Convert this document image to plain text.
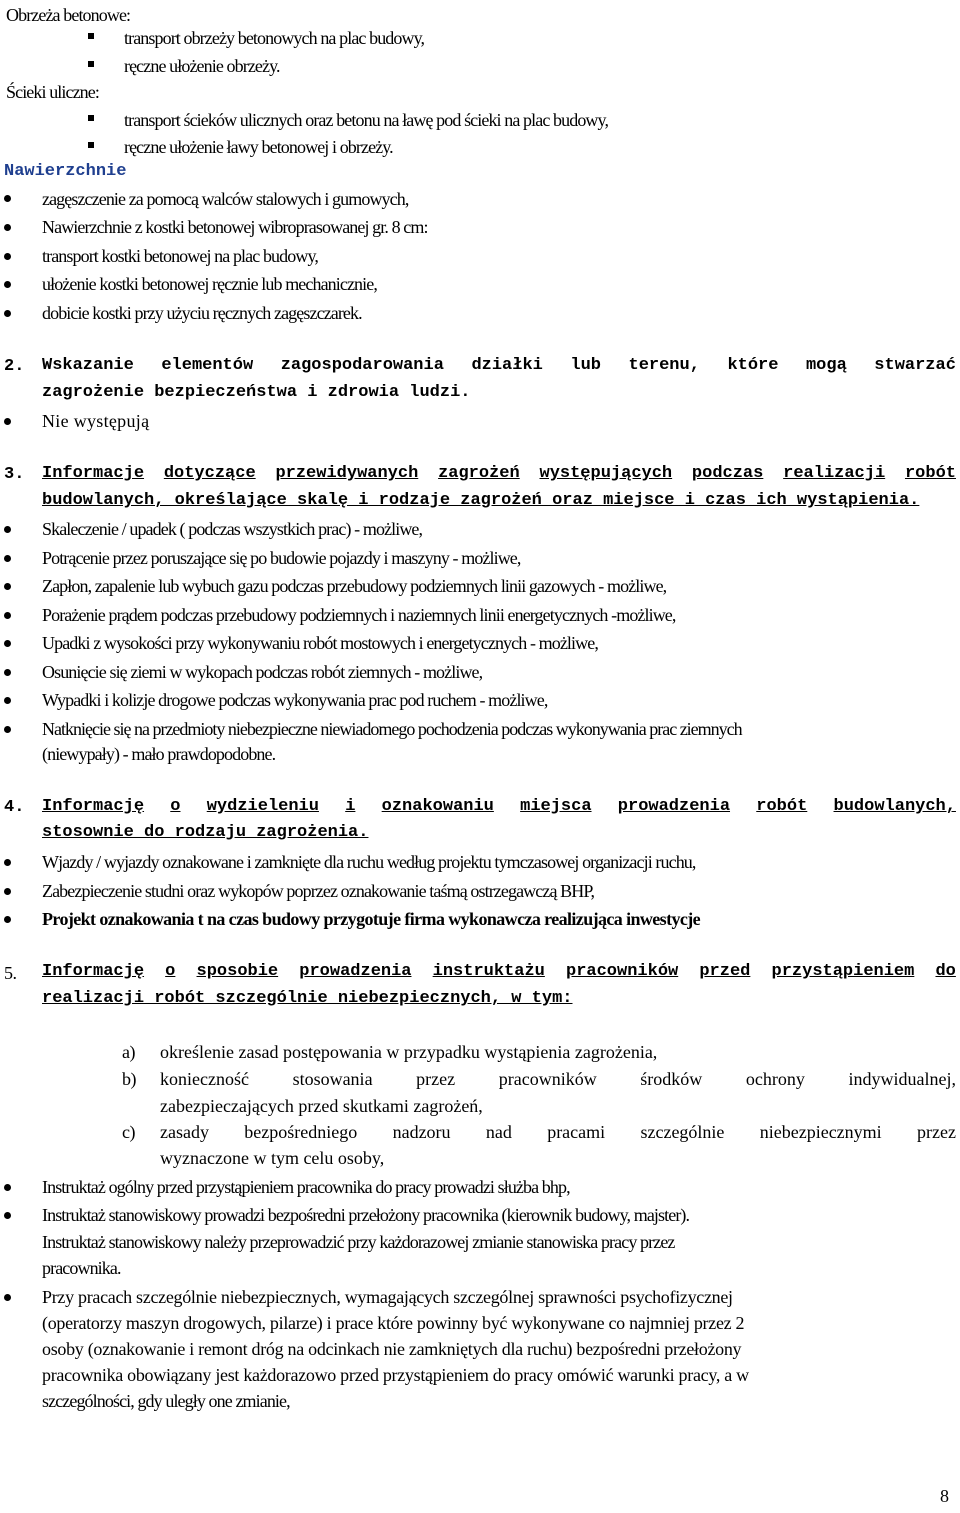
Obrzeża betonowe:
transport obrzeży betonowych na plac budowy,
ręczne ułożenie obrzeży.
Ścieki uliczne:
transport ścieków ulicznych oraz betonu na ławę pod ścieki na plac budowy,
ręczne ułożenie ławy betonowej i obrzeży.
Nawierzchnie
zagęszczenie za pomocą walców stalowych i gumowych,
Nawierzchnie z kostki betonowej wibroprasowanej gr. 8 cm:
transport kostki betonowej na plac budowy,
ułożenie kostki betonowej ręcznie lub mechanicznie,
dobicie kostki przy użyciu ręcznych zagęszczarek.
2. Wskazanie elementów zagospodarowania działki lub terenu, które mogą stwarzać
zagrożenie bezpieczeństwa i zdrowia ludzi.
Nie występują
3. Informacje dotyczące przewidywanych zagrożeń występujących podczas realizacji robót
budowlanych, określające skalę i rodzaje zagrożeń oraz miejsce i czas ich wystąpienia.
Skaleczenie / upadek ( podczas wszystkich prac) - możliwe,
Potrącenie przez poruszające się po budowie pojazdy i maszyny - możliwe,
Zapłon, zapalenie lub wybuch gazu podczas przebudowy podziemnych linii gazowych - możliwe,
Porażenie prądem podczas przebudowy podziemnych i naziemnych linii energetycznych -możliwe,
Upadki z wysokości przy wykonywaniu robót mostowych i energetycznych - możliwe,
Osunięcie się ziemi w wykopach podczas robót ziemnych - możliwe,
Wypadki i kolizje drogowe podczas wykonywania prac pod ruchem - możliwe,
Natknięcie się na przedmioty niebezpieczne niewiadomego pochodzenia podczas wykonywania prac ziemnych
(niewypały) - mało prawdopodobne.
4. Informację o wydzieleniu i oznakowaniu miejsca prowadzenia robót budowlanych,
stosownie do rodzaju zagrożenia.
Wjazdy / wyjazdy oznakowane i zamknięte dla ruchu według projektu tymczasowej organizacji ruchu,
Zabezpieczenie studni oraz wykopów poprzez oznakowanie taśmą ostrzegawczą BHP,
Projekt oznakowania t na czas budowy przygotuje firma wykonawcza realizująca inwestycje
5. Informację o sposobie prowadzenia instruktażu pracowników przed przystąpieniem do
realizacji robót szczególnie niebezpiecznych, w tym:
a) określenie zasad postępowania w przypadku wystąpienia zagrożenia,
b) konieczność stosowania przez pracowników środków ochrony indywidualnej,
zabezpieczających przed skutkami zagrożeń,
c) zasady bezpośredniego nadzoru nad pracami szczególnie niebezpiecznymi przez
wyznaczone w tym celu osoby,
Instruktaż ogólny przed przystąpieniem pracownika do pracy prowadzi służba bhp,
Instruktaż stanowiskowy prowadzi bezpośredni przełożony pracownika (kierownik budowy, majster).
Instruktaż stanowiskowy należy przeprowadzić przy każdorazowej zmianie stanowiska pracy przez
pracownika.
Przy pracach szczególnie niebezpiecznych, wymagających szczególnej sprawności psychofizycznej
(operatorzy maszyn drogowych, pilarze) i prace które powinny być wykonywane co najmniej przez 2
osoby (oznakowanie i remont dróg na odcinkach nie zamkniętych dla ruchu) bezpośredni przełożony
pracownika obowiązany jest każdorazowo przed przystąpieniem do pracy omówić warunki pracy, a w
szczególności, gdy uległy one zmianie,
8
